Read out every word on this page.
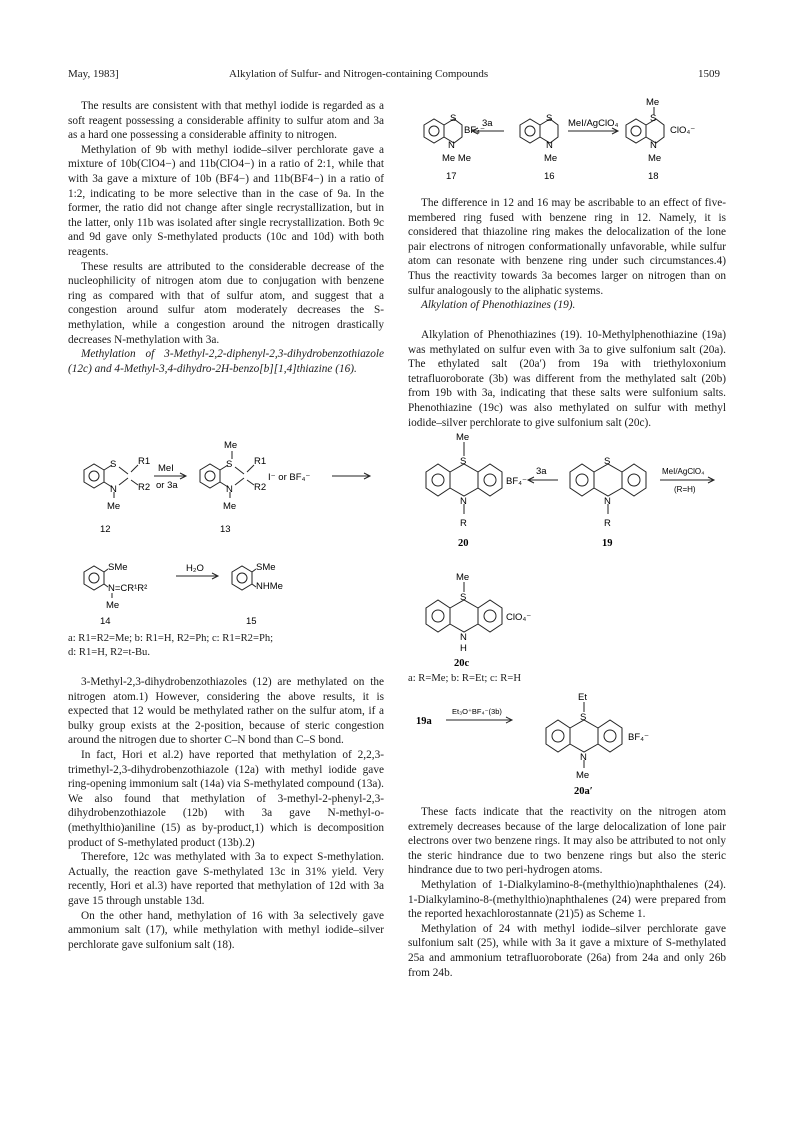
May, 1983]	Alkylation of Sulfur- and Nitrogen-containing Compounds	1509

The results are consistent with that methyl iodide is regarded as a soft reagent possessing a considerable affinity to sulfur atom and 3a as a hard one possessing a considerable affinity to nitrogen.

Methylation of 9b with methyl iodide–silver perchlorate gave a mixture of 10b(ClO4−) and 11b(ClO4−) in a ratio of 2:1, while that with 3a gave a mixture of 10b (BF4−) and 11b(BF4−) in a ratio of 1:2, indicating to be more selective than in the case of 9a. In the former, the ratio did not change after single recrystallization, but in the latter, only 11b was isolated after single recrystallization. Both 9c and 9d gave only S-methylated products (10c and 10d) with both reagents.

These results are attributed to the considerable decrease of the nucleophilicity of nitrogen atom due to conjugation with benzene ring as compared with that of sulfur atom, and suggest that a congestion around sulfur atom moderately decreases the S-methylation, while a congestion around the nitrogen drastically decreases N-methylation with 3a.

Methylation of 3-Methyl-2,2-diphenyl-2,3-dihydrobenzothiazole (12c) and 4-Methyl-3,4-dihydro-2H-benzo[b][1,4]thiazine (16).

S
N
Me
R1
R2
MeI
or 3a
Me
S
N
Me
R1
R2
I⁻ or BF₄⁻
12	13
SMe
N=CR¹R²
Me
H₂O	SMe
NHMe
14	15

a: R1=R2=Me; b: R1=H, R2=Ph; c: R1=R2=Ph;

d: R1=H, R2=t-Bu.

3-Methyl-2,3-dihydrobenzothiazoles (12) are methylated on the nitrogen atom.1) However, considering the above results, it is expected that 12 would be methylated rather on the sulfur atom, if a bulky group exists at the 2-position, because of steric congestion around the nitrogen due to shorter C–N bond than C–S bond.

In fact, Hori et al.2) have reported that methylation of 2,2,3-trimethyl-2,3-dihydrobenzothiazole (12a) with methyl iodide gave ring-opening immonium salt (14a) via S-methylated compound (13a). We also found that methylation of 3-methyl-2-phenyl-2,3-dihydrobenzothiazole (12b) with 3a gave N-methyl-o-(methylthio)aniline (15) as by-product,1) which is decomposition product of S-methylated product (13b).2)

Therefore, 12c was methylated with 3a to expect S-methylation. Actually, the reaction gave S-methylated 13c in 31% yield. Very recently, Hori et al.3) have reported that methylation of 12d with 3a gave 15 through unstable 13d.

On the other hand, methylation of 16 with 3a selectively gave ammonium salt (17), while methylation with methyl iodide–silver perchlorate gave sulfonium salt (18).

S
N
Me Me
BF₄⁻
3a	S
N
Me
MeI/AgClO₄
Me
S
N
Me
ClO₄⁻
17	16	18

The difference in 12 and 16 may be ascribable to an effect of five-membered ring fused with benzene ring in 12. Namely, it is considered that thiazoline ring makes the delocalization of the lone pair electrons of nitrogen conformationally unfavorable, while sulfur atom can resonate with benzene ring under such circumstances.4) Thus the reactivity towards 3a becomes larger on nitrogen than on sulfur analogously to the aliphatic systems.

Alkylation of Phenothiazines (19).

Alkylation of Phenothiazines (19). 10-Methylphenothiazine (19a) was methylated on sulfur even with 3a to give sulfonium salt (20a). The ethylated salt (20a′) from 19a with triethyloxonium tetrafluoroborate (3b) was different from the methylated salt (20b) from 19b with 3a, indicating that these salts were sulfonium salts. Phenothiazine (19c) was also methylated on sulfur with methyl iodide–silver perchlorate to give sulfonium salt (20c).

Me
S
N
R
BF₄⁻
3a
S
N
R
MeI/AgClO₄
(R=H)
20	19
Me
S
N
H
ClO₄⁻
20c
a: R=Me; b: R=Et; c: R=H
19a
Et₃O⁺BF₄⁻(3b)
Et
S
N
Me
BF₄⁻
20a′

These facts indicate that the reactivity on the nitrogen atom extremely decreases because of the large delocalization of lone pair electrons over two benzene rings. It may also be attributed to not only the steric hindrance due to two benzene rings but also the steric hindrance due to two peri-hydrogen atoms.

Methylation of 1-Dialkylamino-8-(methylthio)naphthalenes (24). 1-Dialkylamino-8-(methylthio)naphthalenes (24) were prepared from the reported hexachlorostannate (21)5) as Scheme 1.

Methylation of 24 with methyl iodide–silver perchlorate gave sulfonium salt (25), while with 3a it gave a mixture of S-methylated 25a and ammonium tetrafluoroborate (26a) from 24a and only 26b from 24b.
